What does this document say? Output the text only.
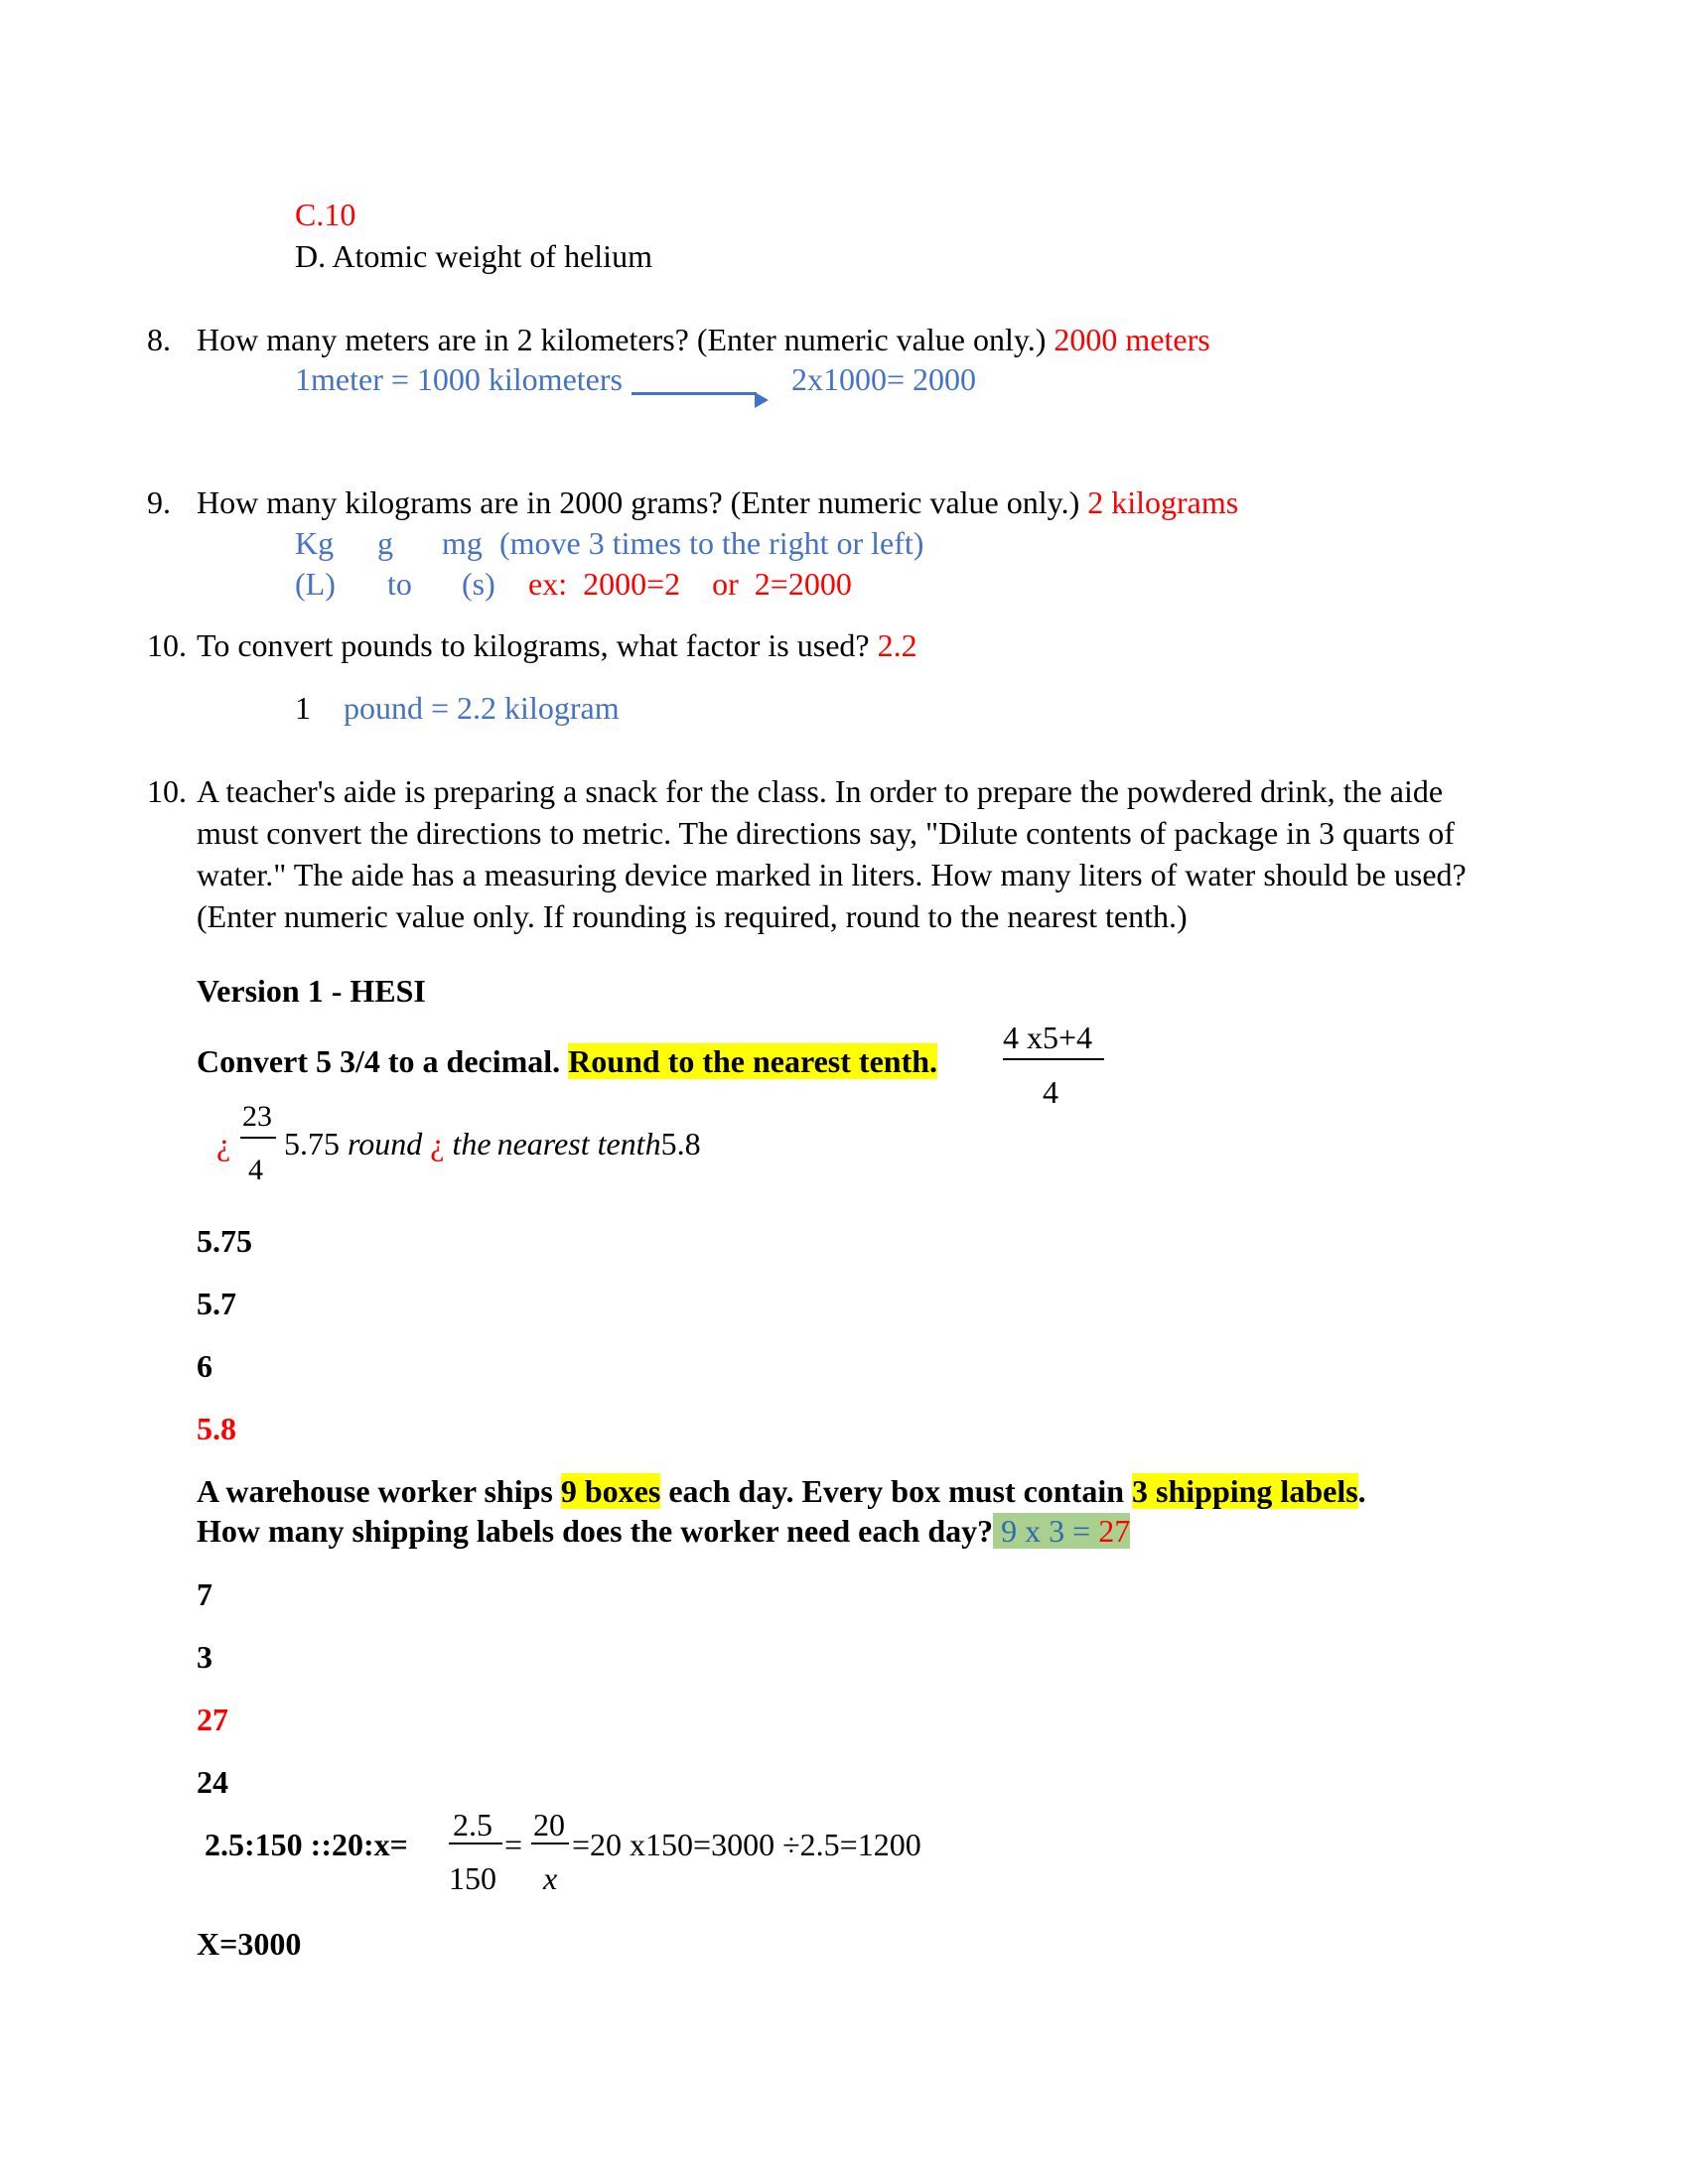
C.10
D. Atomic weight of helium
8. How many meters are in 2 kilometers? (Enter numeric value only.) 2000 meters
1meter = 1000 kilometers	2x1000= 2000
9. How many kilograms are in 2000 grams? (Enter numeric value only.) 2 kilograms
Kg g mg (move 3 times to the right or left)
(L) to (s) ex:  2000=2    or  2=2000
10. To convert pounds to kilograms, what factor is used? 2.2
1 pound = 2.2 kilogram
10. A teacher's aide is preparing a snack for the class. In order to prepare the powdered drink, the aide must convert the directions to metric. The directions say, "Dilute contents of package in 3 quarts of water." The aide has a measuring device marked in liters. How many liters of water should be used? (Enter numeric value only. If rounding is required, round to the nearest tenth.)
Version 1 - HESI
Convert 5 3/4 to a decimal. Round to the nearest tenth.
4 x5+4
4
¿
23
4
5.75 round ¿ the nearest tenth5.8
5.75
5.7
6
5.8
A warehouse worker ships 9 boxes each day. Every box must contain 3 shipping labels.
How many shipping labels does the worker need each day? 9 x 3 = 27
7
3
27
24
2.5:150 ::20:x=
2.5
150
=
20
x
=20 x150=3000 ÷2.5=1200
X=3000
